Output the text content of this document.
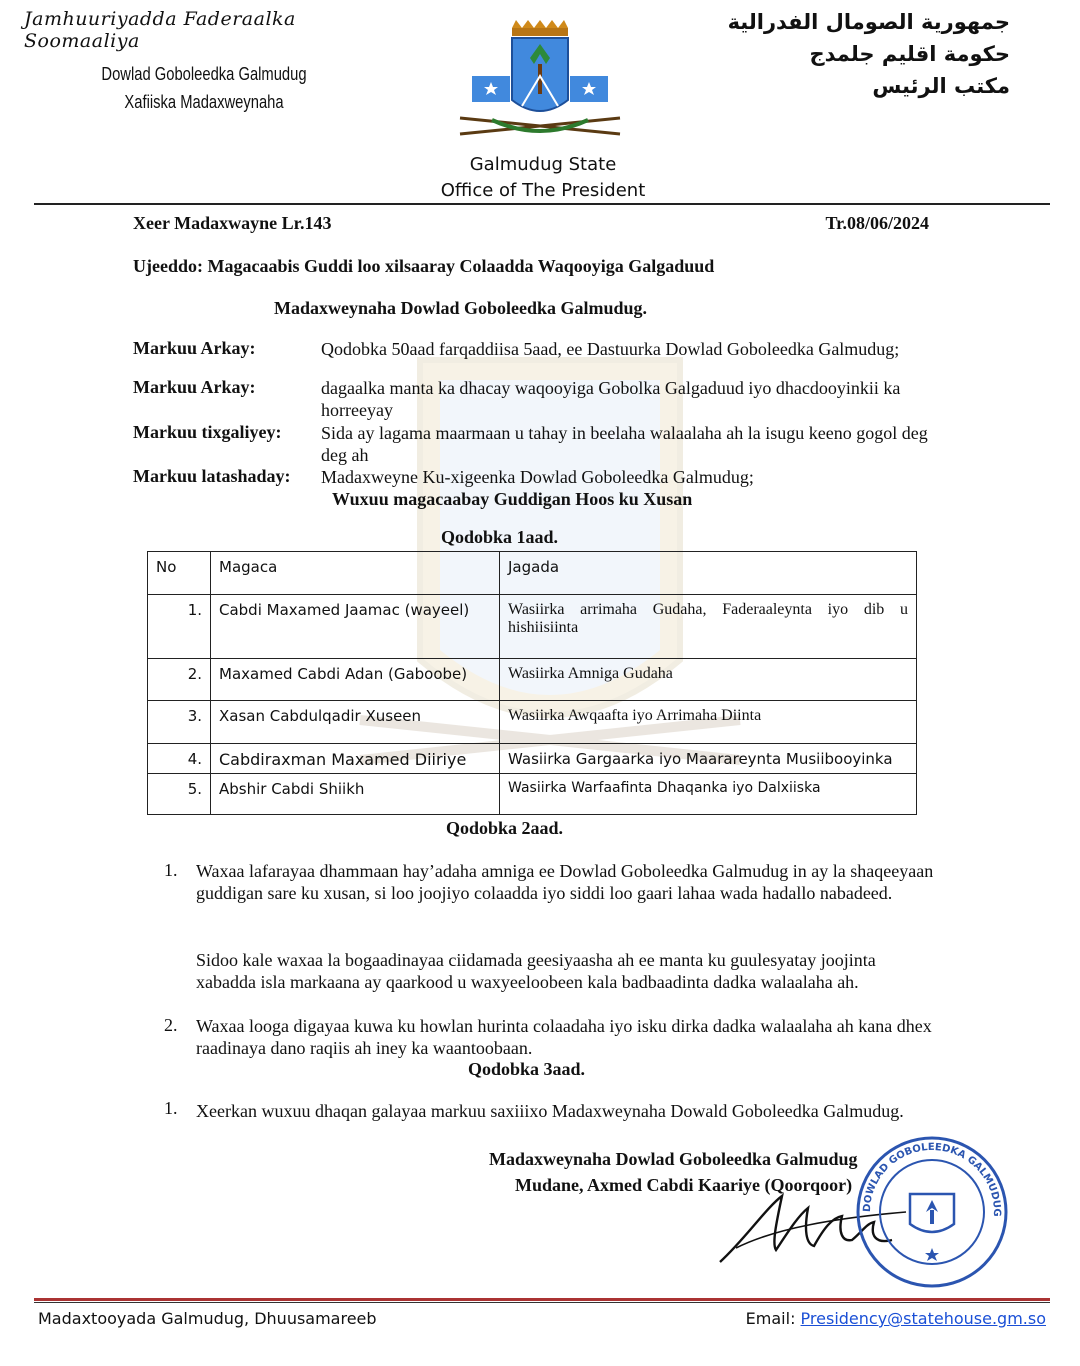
Jamhuuriyadda Faderaalka Soomaaliya
Dowlad Goboleedka Galmudug
Xafiiska Madaxweynaha
جمهورية الصومال الفدرالية
حكومة اقليم جلمدج
مكتب الرئيس
Galmudug State
Office of The President
Xeer Madaxwayne Lr.143	Tr.08/06/2024
Ujeeddo: Magacaabis Guddi loo xilsaaray Colaadda Waqooyiga Galgaduud
Madaxweynaha Dowlad Goboleedka Galmudug.
Markuu Arkay:	Qodobka 50aad farqaddiisa 5aad, ee Dastuurka Dowlad Goboleedka Galmudug;
Markuu Arkay:	dagaalka manta ka dhacay waqooyiga Gobolka Galgaduud iyo dhacdooyinkii ka horreeyay
Markuu tixgaliyey: Sida ay lagama maarmaan u tahay in beelaha walaalaha ah la isugu keeno gogol deg deg ah
Markuu latashaday: Madaxweyne Ku-xigeenka Dowlad Goboleedka Galmudug;
Wuxuu magacaabay Guddigan Hoos ku Xusan
Qodobka 1aad.
No	Magaca	Jagada
1.	Cabdi Maxamed Jaamac (wayeel)	Wasiirka arrimaha Gudaha, Faderaaleynta iyo dib u hishiisiinta
2.	Maxamed Cabdi Adan (Gaboobe)	Wasiirka Amniga Gudaha
3.	Xasan Cabdulqadir Xuseen	Wasiirka Awqaafta iyo Arrimaha Diinta
4.	Cabdiraxman Maxamed Diiriye	Wasiirka Gargaarka iyo Maarareynta Musiibooyinka
5.	Abshir Cabdi Shiikh	Wasiirka Warfaafinta Dhaqanka iyo Dalxiiska
Qodobka 2aad.
1. Waxaa lafarayaa dhammaan hay’adaha amniga ee Dowlad Goboleedka Galmudug in ay la shaqeeyaan guddigan sare ku xusan, si loo joojiyo colaadda iyo siddi loo gaari lahaa wada hadallo nabadeed.
Sidoo kale waxaa la bogaadinayaa ciidamada geesiyaasha ah ee manta ku guulesyatay joojinta xabadda isla markaana ay qaarkood u waxyeeloobeen kala badbaadinta dadka walaalaha ah.
2. Waxaa looga digayaa kuwa ku howlan hurinta colaadaha iyo isku dirka dadka walaalaha ah kana dhex raadinaya dano raqiis ah iney ka waantoobaan.
Qodobka 3aad.
1. Xeerkan wuxuu dhaqan galayaa markuu saxiiixo Madaxweynaha Dowald Goboleedka Galmudug.
Madaxweynaha Dowlad Goboleedka Galmudug
Mudane, Axmed Cabdi Kaariye (Qoorqoor)
DOWLAD GOBOLEEDKA GALMUDUG
Madaxtooyada Galmudug, Dhuusamareeb	Email: Presidency@statehouse.gm.so
